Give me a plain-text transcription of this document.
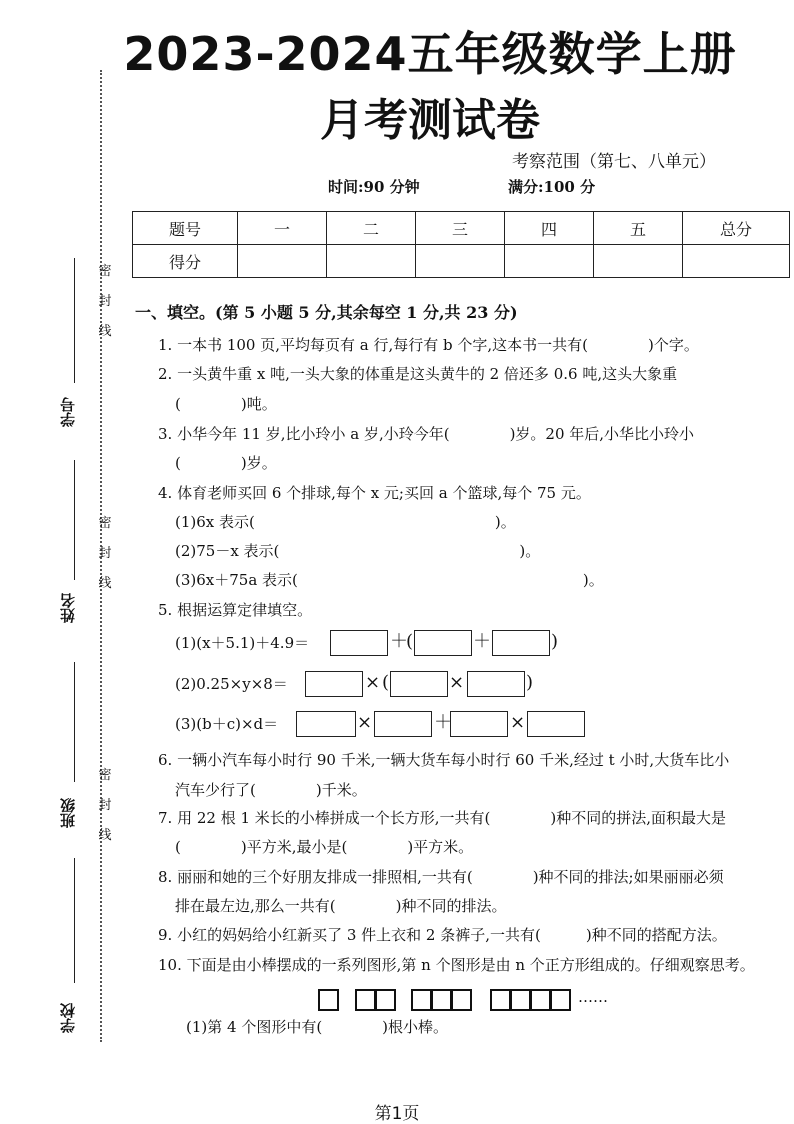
2023-2024五年级数学上册
月考测试卷
考察范围（第七、八单元）
时间:90 分钟	满分:100 分
题号	一	二	三	四	五	总分
得分						
密
封
线
密
封
线
密
封
线
学号
姓名
班级
学校
一、填空。(第 5 小题 5 分,其余每空 1 分,共 23 分)
1. 一本书 100 页,平均每页有 a 行,每行有 b 个字,这本书一共有(　　　　)个字。
2. 一头黄牛重 x 吨,一头大象的体重是这头黄牛的 2 倍还多 0.6 吨,这头大象重
(　　　　)吨。
3. 小华今年 11 岁,比小玲小 a 岁,小玲今年(　　　　)岁。20 年后,小华比小玲小
(　　　　)岁。
4. 体育老师买回 6 个排球,每个 x 元;买回 a 个篮球,每个 75 元。
(1)6x 表示(　　　　　　　　　　　　　　　　)。
(2)75－x 表示(　　　　　　　　　　　　　　　　)。
(3)6x＋75a 表示(　　　　　　　　　　　　　　　　　　　)。
5. 根据运算定律填空。
(1)(x＋5.1)＋4.9＝	＋
(	＋	)
(2)0.25×y×8＝	× (	×	)
(3)(b＋c)×d＝	×	＋	×
6. 一辆小汽车每小时行 90 千米,一辆大货车每小时行 60 千米,经过 t 小时,大货车比小
汽车少行了(　　　　)千米。
7. 用 22 根 1 米长的小棒拼成一个长方形,一共有(　　　　)种不同的拼法,面积最大是
(　　　　)平方米,最小是(　　　　)平方米。
8. 丽丽和她的三个好朋友排成一排照相,一共有(　　　　)种不同的排法;如果丽丽必须
排在最左边,那么一共有(　　　　)种不同的排法。
9. 小红的妈妈给小红新买了 3 件上衣和 2 条裤子,一共有(　　　)种不同的搭配方法。
10. 下面是由小棒摆成的一系列图形,第 n 个图形是由 n 个正方形组成的。仔细观察思考。
……
(1)第 4 个图形中有(　　　　)根小棒。
第1页
